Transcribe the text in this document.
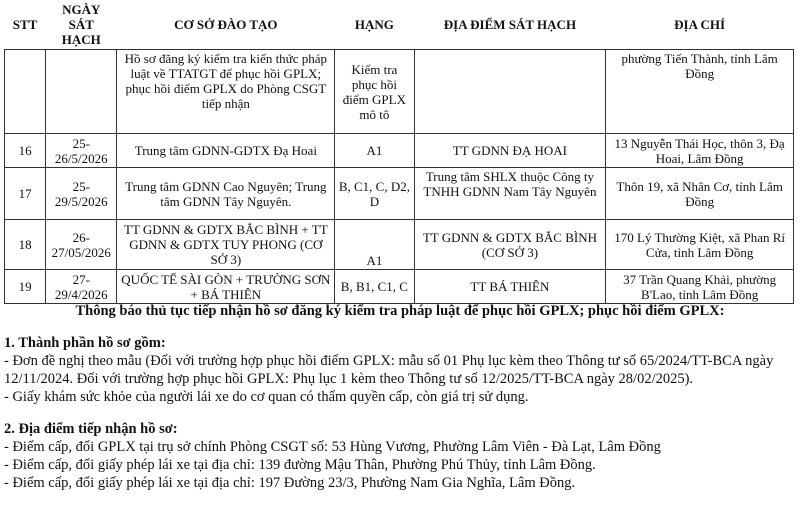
STT	NGÀY SÁT HẠCH	CƠ SỞ ĐÀO TẠO	HẠNG	ĐỊA ĐIỂM SÁT HẠCH	ĐỊA CHỈ
		Hồ sơ đăng ký kiểm tra kiến thức pháp luật về TTATGT để phục hồi GPLX; phục hồi điểm GPLX do Phòng CSGT tiếp nhận	Kiểm tra phục hồi điểm GPLX mô tô		phường Tiến Thành, tỉnh Lâm Đồng
16	25-26/5/2026	Trung tâm GDNN-GDTX Đạ Hoai	A1	TT GDNN ĐẠ HOAI	13 Nguyễn Thái Học, thôn 3, Đạ Hoai, Lâm Đồng
17	25-29/5/2026	Trung tâm GDNN Cao Nguyên; Trung tâm GDNN Tây Nguyên.	B, C1, C, D2, D	Trung tâm SHLX thuộc Công ty TNHH GDNN Nam Tây Nguyên	Thôn 19, xã Nhân Cơ, tỉnh Lâm Đồng
18	26-27/05/2026	TT GDNN & GDTX BẮC BÌNH + TT GDNN & GDTX TUY PHONG (CƠ SỞ 3)	A1	TT GDNN & GDTX BẮC BÌNH (CƠ SỞ 3)	170 Lý Thường Kiệt, xã Phan Rí Cửa, tỉnh Lâm Đồng
19	27-29/4/2026	QUỐC TẾ SÀI GÒN + TRƯỜNG SƠN + BÁ THIÊN	B, B1, C1, C	TT BÁ THIÊN	37 Trần Quang Khải, phường B'Lao, tỉnh Lâm Đồng

Thông báo thủ tục tiếp nhận hồ sơ đăng ký kiểm tra pháp luật để phục hồi GPLX; phục hồi điểm GPLX:

1. Thành phần hồ sơ gồm:

- Đơn đề nghị theo mẫu (Đối với trường hợp phục hồi điểm GPLX: mẫu số 01 Phụ lục kèm theo Thông tư số 65/2024/TT-BCA ngày 12/11/2024. Đối với trường hợp phục hồi GPLX: Phụ lục 1 kèm theo Thông tư số 12/2025/TT-BCA ngày 28/02/2025).

- Giấy khám sức khỏe của người lái xe do cơ quan có thẩm quyền cấp, còn giá trị sử dụng.

2. Địa điểm tiếp nhận hồ sơ:

- Điểm cấp, đổi GPLX tại trụ sở chính Phòng CSGT số: 53 Hùng Vương, Phường Lâm Viên - Đà Lạt, Lâm Đồng

- Điểm cấp, đổi giấy phép lái xe tại địa chỉ: 139 đường Mậu Thân, Phường Phú Thủy, tỉnh Lâm Đồng.

- Điểm cấp, đổi giấy phép lái xe tại địa chỉ: 197 Đường 23/3, Phường Nam Gia Nghĩa, Lâm Đồng.
